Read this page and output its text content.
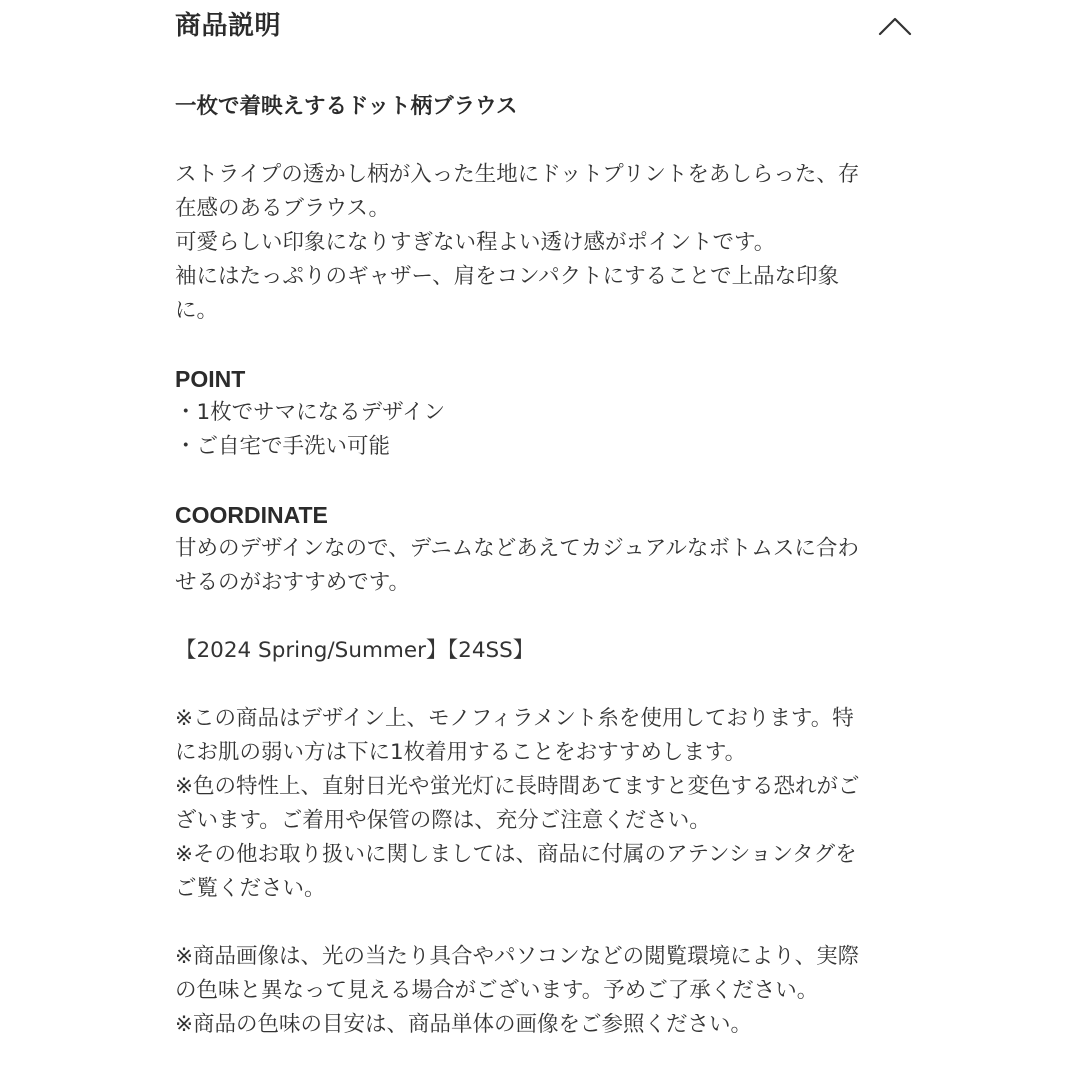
商品説明
一枚で着映えするドット柄ブラウス
ストライプの透かし柄が入った生地にドットプリントをあしらった、存
在感のあるブラウス。
可愛らしい印象になりすぎない程よい透け感がポイントです。
袖にはたっぷりのギャザー、肩をコンパクトにすることで上品な印象
に。
POINT
・1枚でサマになるデザイン
・ご自宅で手洗い可能
COORDINATE
甘めのデザインなので、デニムなどあえてカジュアルなボトムスに合わ
せるのがおすすめです。
【2024 Spring/Summer】【24SS】
※この商品はデザイン上、モノフィラメント糸を使用しております。特
にお肌の弱い方は下に1枚着用することをおすすめします。
※色の特性上、直射日光や蛍光灯に長時間あてますと変色する恐れがご
ざいます。ご着用や保管の際は、充分ご注意ください。
※その他お取り扱いに関しましては、商品に付属のアテンションタグを
ご覧ください。
※商品画像は、光の当たり具合やパソコンなどの閲覧環境により、実際
の色味と異なって見える場合がございます。予めご了承ください。
※商品の色味の目安は、商品単体の画像をご参照ください。
